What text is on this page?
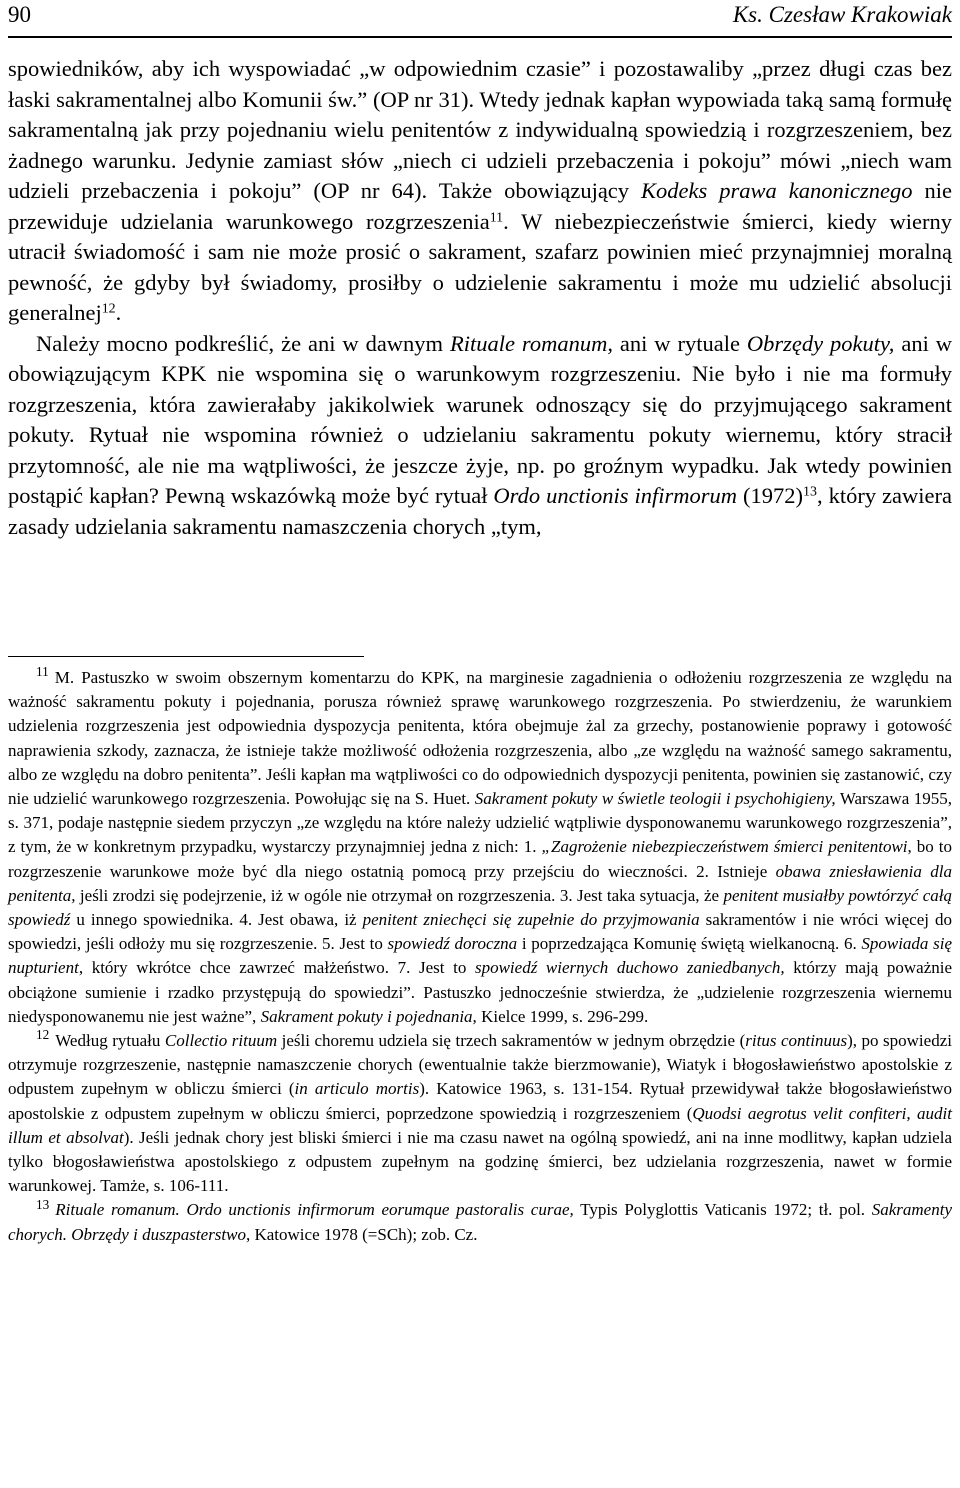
90	Ks. Czesław Krakowiak

spowiedników, aby ich wyspowiadać „w odpowiednim czasie” i pozostawaliby „przez długi czas bez łaski sakramentalnej albo Komunii św.” (OP nr 31). Wtedy jednak kapłan wypowiada taką samą formułę sakramentalną jak przy pojednaniu wielu penitentów z indywidualną spowiedzią i rozgrzeszeniem, bez żadnego warunku. Jedynie zamiast słów „niech ci udzieli przebaczenia i pokoju” mówi „niech wam udzieli przebaczenia i pokoju” (OP nr 64). Także obowiązujący Kodeks prawa kanonicznego nie przewiduje udzielania warunkowego rozgrzeszenia$^{11}$. W niebezpieczeństwie śmierci, kiedy wierny utracił świadomość i sam nie może prosić o sakrament, szafarz powinien mieć przynajmniej moralną pewność, że gdyby był świadomy, prosiłby o udzielenie sakramentu i może mu udzielić absolucji generalnej$^{12}$.

Należy mocno podkreślić, że ani w dawnym Rituale romanum, ani w rytuale Obrzędy pokuty, ani w obowiązującym KPK nie wspomina się o warunkowym rozgrzeszeniu. Nie było i nie ma formuły rozgrzeszenia, która zawierałaby jakikolwiek warunek odnoszący się do przyjmującego sakrament pokuty. Rytuał nie wspomina również o udzielaniu sakramentu pokuty wiernemu, który stracił przytomność, ale nie ma wątpliwości, że jeszcze żyje, np. po groźnym wypadku. Jak wtedy powinien postąpić kapłan? Pewną wskazówką może być rytuał Ordo unctionis infirmorum $(1972)^{13}$, który zawiera zasady udzielania sakramentu namaszczenia chorych „tym,

$^{11}$ M. Pastuszko w swoim obszernym komentarzu do KPK, na marginesie zagadnienia o odłożeniu rozgrzeszenia ze względu na ważność sakramentu pokuty i pojednania, porusza również sprawę warunkowego rozgrzeszenia. Po stwierdzeniu, że warunkiem udzielenia rozgrzeszenia jest odpowiednia dyspozycja penitenta, która obejmuje żal za grzechy, postanowienie poprawy i gotowość naprawienia szkody, zaznacza, że istnieje także możliwość odłożenia rozgrzeszenia, albo „ze względu na ważność samego sakramentu, albo ze względu na dobro penitenta”. Jeśli kapłan ma wątpliwości co do odpowiednich dyspozycji penitenta, powinien się zastanowić, czy nie udzielić warunkowego rozgrzeszenia. Powołując się na S. Huet. Sakrament pokuty w świetle teologii i psychohigieny, Warszawa 1955, s. 371, podaje następnie siedem przyczyn „ze względu na które należy udzielić wątpliwie dysponowanemu warunkowego rozgrzeszenia”, z tym, że w konkretnym przypadku, wystarczy przynajmniej jedna z nich: 1. „Zagrożenie niebezpieczeństwem śmierci penitentowi, bo to rozgrzeszenie warunkowe może być dla niego ostatnią pomocą przy przejściu do wieczności. 2. Istnieje obawa zniesławienia dla penitenta, jeśli zrodzi się podejrzenie, iż w ogóle nie otrzymał on rozgrzeszenia. 3. Jest taka sytuacja, że penitent musiałby powtórzyć całą spowiedź u innego spowiednika. 4. Jest obawa, iż penitent zniechęci się zupełnie do przyjmowania sakramentów i nie wróci więcej do spowiedzi, jeśli odłoży mu się rozgrzeszenie. 5. Jest to spowiedź doroczna i poprzedzająca Komunię świętą wielkanocną. 6. Spowiada się nupturient, który wkrótce chce zawrzeć małżeństwo. 7. Jest to spowiedź wiernych duchowo zaniedbanych, którzy mają poważnie obciążone sumienie i rzadko przystępują do spowiedzi”. Pastuszko jednocześnie stwierdza, że „udzielenie rozgrzeszenia wiernemu niedysponowanemu nie jest ważne”, Sakrament pokuty i pojednania, Kielce 1999, s. 296-299.

$^{12}$ Według rytuału Collectio rituum jeśli choremu udziela się trzech sakramentów w jednym obrzędzie (ritus continuus), po spowiedzi otrzymuje rozgrzeszenie, następnie namaszczenie chorych (ewentualnie także bierzmowanie), Wiatyk i błogosławieństwo apostolskie z odpustem zupełnym w obliczu śmierci (in articulo mortis). Katowice 1963, s. 131-154. Rytuał przewidywał także błogosławieństwo apostolskie z odpustem zupełnym w obliczu śmierci, poprzedzone spowiedzią i rozgrzeszeniem (Quodsi aegrotus velit confiteri, audit illum et absolvat). Jeśli jednak chory jest bliski śmierci i nie ma czasu nawet na ogólną spowiedź, ani na inne modlitwy, kapłan udziela tylko błogosławieństwa apostolskiego z odpustem zupełnym na godzinę śmierci, bez udzielania rozgrzeszenia, nawet w formie warunkowej. Tamże, s. 106-111.

$^{13}$ Rituale romanum. Ordo unctionis infirmorum eorumque pastoralis curae, Typis Polyglottis Vaticanis 1972; tł. pol. Sakramenty chorych. Obrzędy i duszpasterstwo, Katowice 1978 (=SCh); zob. Cz.
